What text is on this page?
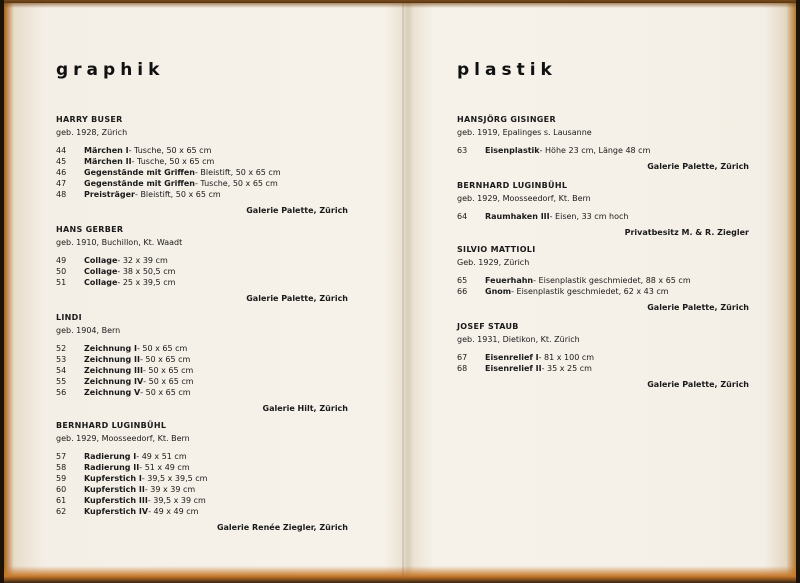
graphik
HARRY BUSER
geb. 1928, Zürich
44	Märchen I - Tusche, 50 x 65 cm
45	Märchen II - Tusche, 50 x 65 cm
46	Gegenstände mit Griffen - Bleistift, 50 x 65 cm
47	Gegenstände mit Griffen - Tusche, 50 x 65 cm
48	Preisträger - Bleistift, 50 x 65 cm
Galerie Palette, Zürich
HANS GERBER
geb. 1910, Buchillon, Kt. Waadt
49	Collage - 32 x 39 cm
50	Collage - 38 x 50,5 cm
51	Collage - 25 x 39,5 cm
Galerie Palette, Zürich
LINDI
geb. 1904, Bern
52	Zeichnung I - 50 x 65 cm
53	Zeichnung II - 50 x 65 cm
54	Zeichnung III - 50 x 65 cm
55	Zeichnung IV - 50 x 65 cm
56	Zeichnung V - 50 x 65 cm
Galerie Hilt, Zürich
BERNHARD LUGINBÜHL
geb. 1929, Moosseedorf, Kt. Bern
57	Radierung I - 49 x 51 cm
58	Radierung II - 51 x 49 cm
59	Kupferstich I - 39,5 x 39,5 cm
60	Kupferstich II - 39 x 39 cm
61	Kupferstich III - 39,5 x 39 cm
62	Kupferstich IV - 49 x 49 cm
Galerie Renée Ziegler, Zürich
plastik
HANSJÖRG GISINGER
geb. 1919, Epalinges s. Lausanne
63	Eisenplastik - Höhe 23 cm, Länge 48 cm
Galerie Palette, Zürich
BERNHARD LUGINBÜHL
geb. 1929, Moosseedorf, Kt. Bern
64	Raumhaken III - Eisen, 33 cm hoch
Privatbesitz M. & R. Ziegler
SILVIO MATTIOLI
Geb. 1929, Zürich
65	Feuerhahn - Eisenplastik geschmiedet, 88 x 65 cm
66	Gnom - Eisenplastik geschmiedet, 62 x 43 cm
Galerie Palette, Zürich
JOSEF STAUB
geb. 1931, Dietikon, Kt. Zürich
67	Eisenrelief I - 81 x 100 cm
68	Eisenrelief II - 35 x 25 cm
Galerie Palette, Zürich
